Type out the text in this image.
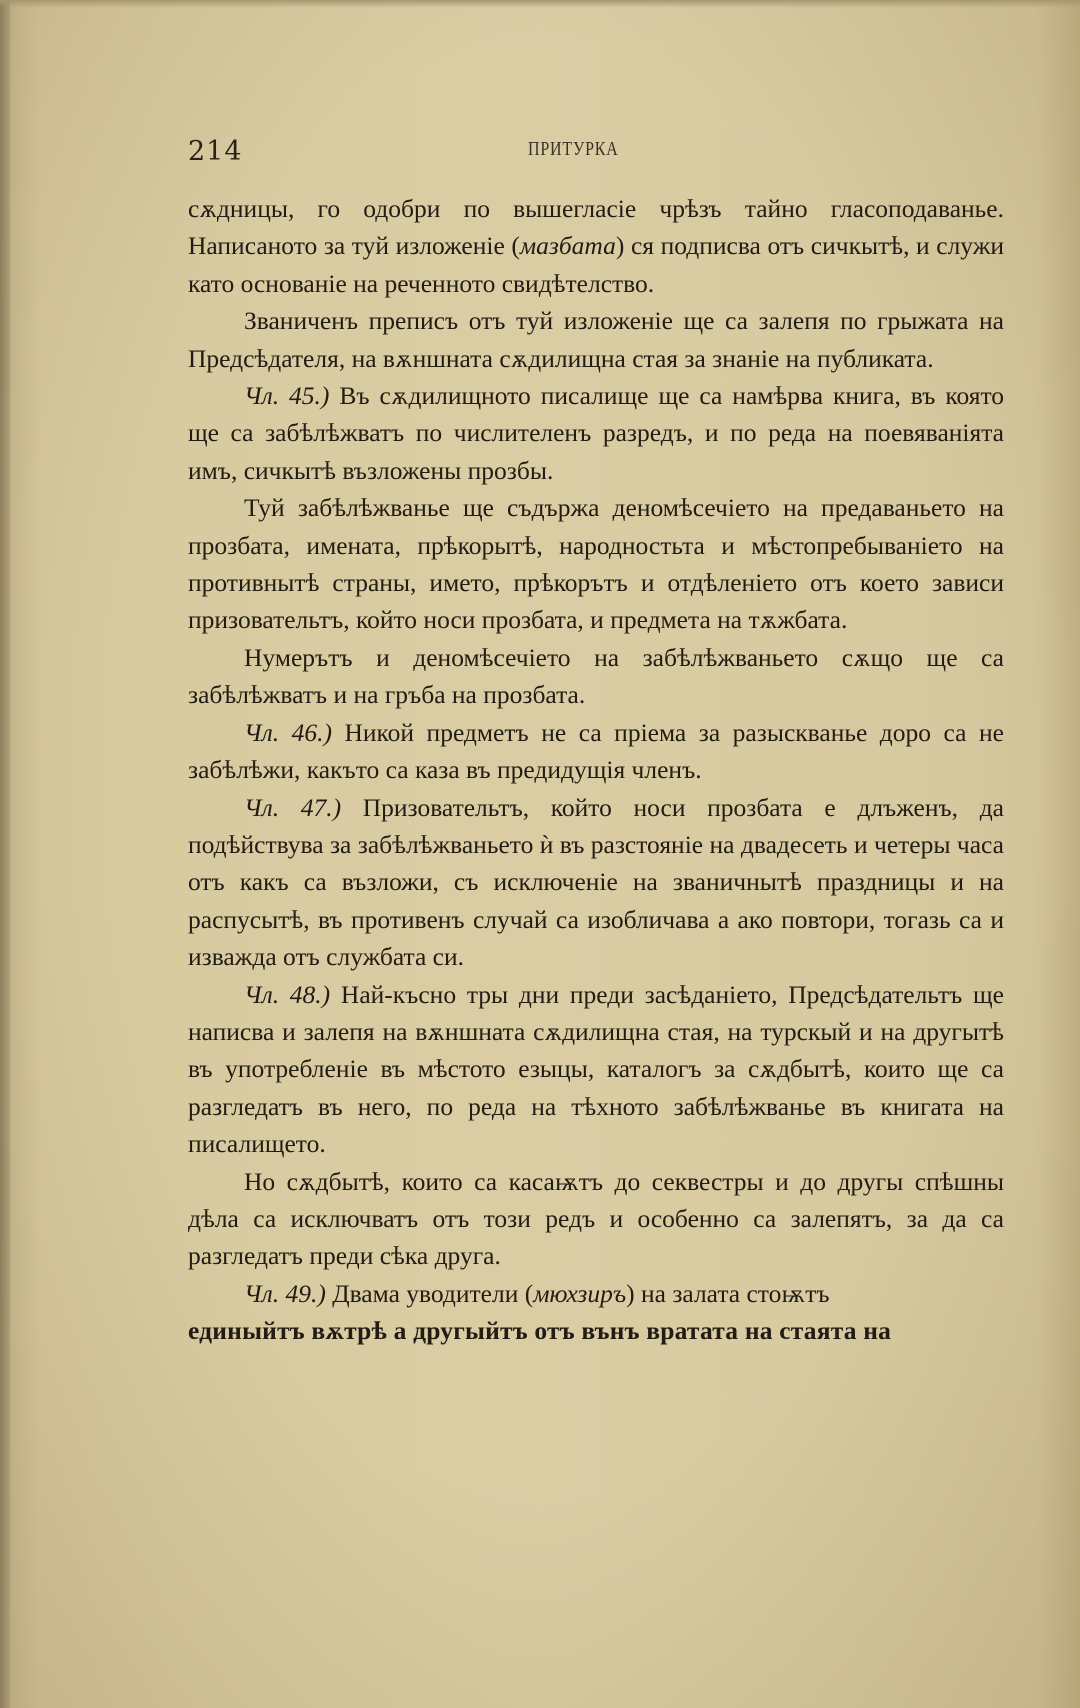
214	ПРИТУРКА

сѫдницы, го одобри по вышегласіе чрѣзъ тайно гласоподаванье. Написаното за туй изложеніе (мазбата) ся подписва отъ сичкытѣ, и служи като основаніе на реченното свидѣтелство.

Званиченъ преписъ отъ туй изложеніе ще са залепя по грыжата на Предсѣдателя, на вѫншната сѫдилищна стая за знаніе на публиката.

Чл. 45.) Въ сѫдилищното писалище ще са намѣрва книга, въ която ще са забѣлѣжватъ по числителенъ разредъ, и по реда на поевяваніята имъ, сичкытѣ възложены прозбы.

Туй забѣлѣжванье ще съдържа деномѣсечіето на предаваньето на прозбата, имената, прѣкорытѣ, народностьта и мѣстопребываніето на противнытѣ страны, името, прѣкорътъ и отдѣленіето отъ което зависи призовательтъ, който носи прозбата, и предмета на тѫжбата.

Нумерътъ и деномѣсечіето на забѣлѣжваньето сѫщо ще са забѣлѣжватъ и на гръба на прозбата.

Чл. 46.) Никой предметъ не са пріема за разыскванье доро са не забѣлѣжи, какъто са каза въ предидущія членъ.

Чл. 47.) Призовательтъ, който носи прозбата е длъженъ, да подѣйствува за забѣлѣжваньето ѝ въ разстояніе на двадесеть и четеры часа отъ какъ са възложи, съ исключеніе на званичнытѣ праздницы и на распусытѣ, въ противенъ случай са изобличава а ако повтори, тогазь са и изважда отъ службата си.

Чл. 48.) Най-късно тры дни преди засѣданіето, Предсѣдательтъ ще написва и залепя на вѫншната сѫдилищна стая, на турскый и на другытѣ въ употребленіе въ мѣстото езыцы, каталогъ за сѫдбытѣ, които ще са разгледатъ въ него, по реда на тѣхното забѣлѣжванье въ книгата на писалището.

Но сѫдбытѣ, които са касаѭтъ до секвестры и до другы спѣшны дѣла са исключватъ отъ този редъ и особенно са залепятъ, за да са разгледатъ преди сѣка друга.

Чл. 49.) Двама уводители (мюхзиръ) на залата стоѭтъ

единыйтъ вѫтрѣ а другыйтъ отъ вънъ вратата на стаята на
